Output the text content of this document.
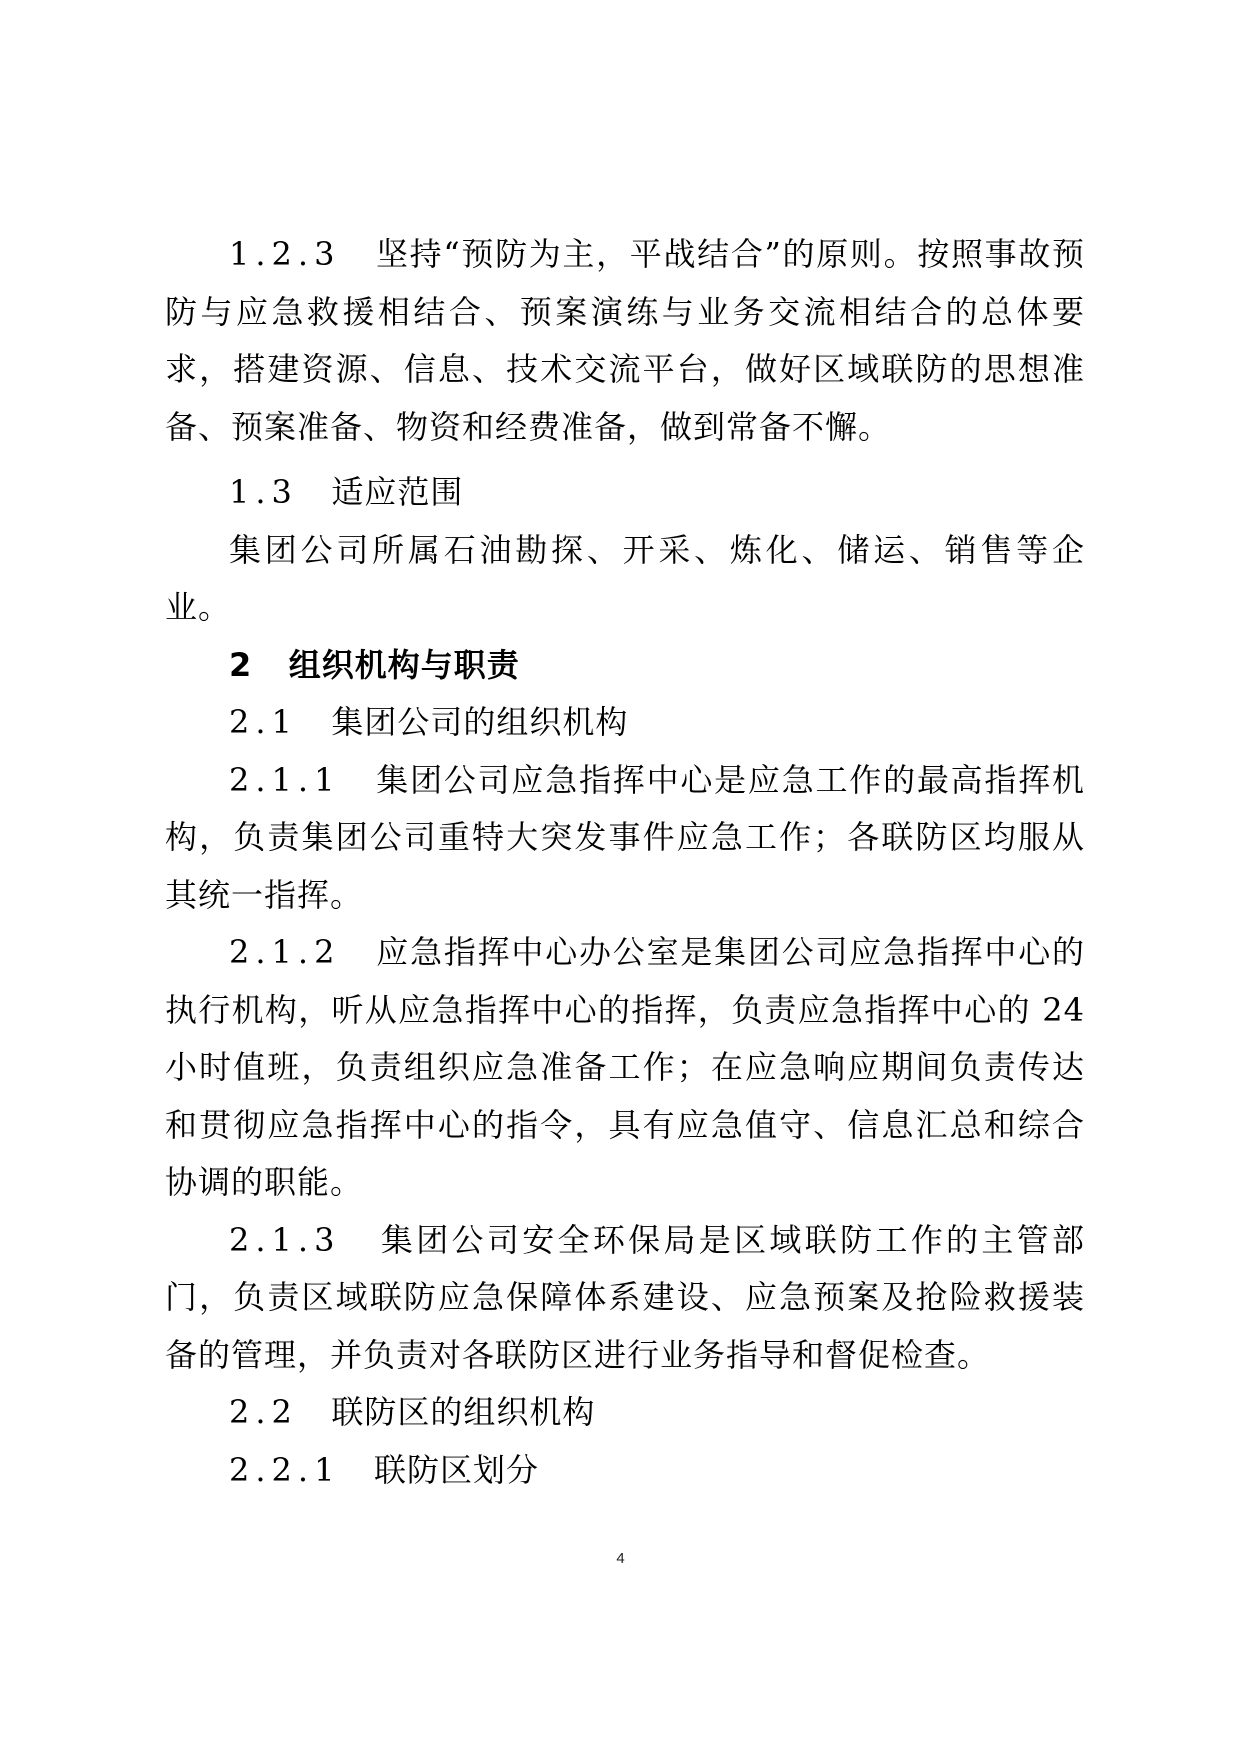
1.2.3 坚持“预防为主，平战结合”的原则。按照事故预防与应急救援相结合、预案演练与业务交流相结合的总体要求，搭建资源、信息、技术交流平台，做好区域联防的思想准备、预案准备、物资和经费准备，做到常备不懈。

1.3 适应范围

集团公司所属石油勘探、开采、炼化、储运、销售等企业。

2 组织机构与职责

2.1 集团公司的组织机构

2.1.1 集团公司应急指挥中心是应急工作的最高指挥机构，负责集团公司重特大突发事件应急工作；各联防区均服从其统一指挥。

2.1.2 应急指挥中心办公室是集团公司应急指挥中心的执行机构，听从应急指挥中心的指挥，负责应急指挥中心的 24 小时值班，负责组织应急准备工作；在应急响应期间负责传达和贯彻应急指挥中心的指令，具有应急值守、信息汇总和综合协调的职能。

2.1.3 集团公司安全环保局是区域联防工作的主管部门，负责区域联防应急保障体系建设、应急预案及抢险救援装备的管理，并负责对各联防区进行业务指导和督促检查。

2.2 联防区的组织机构

2.2.1 联防区划分

4
